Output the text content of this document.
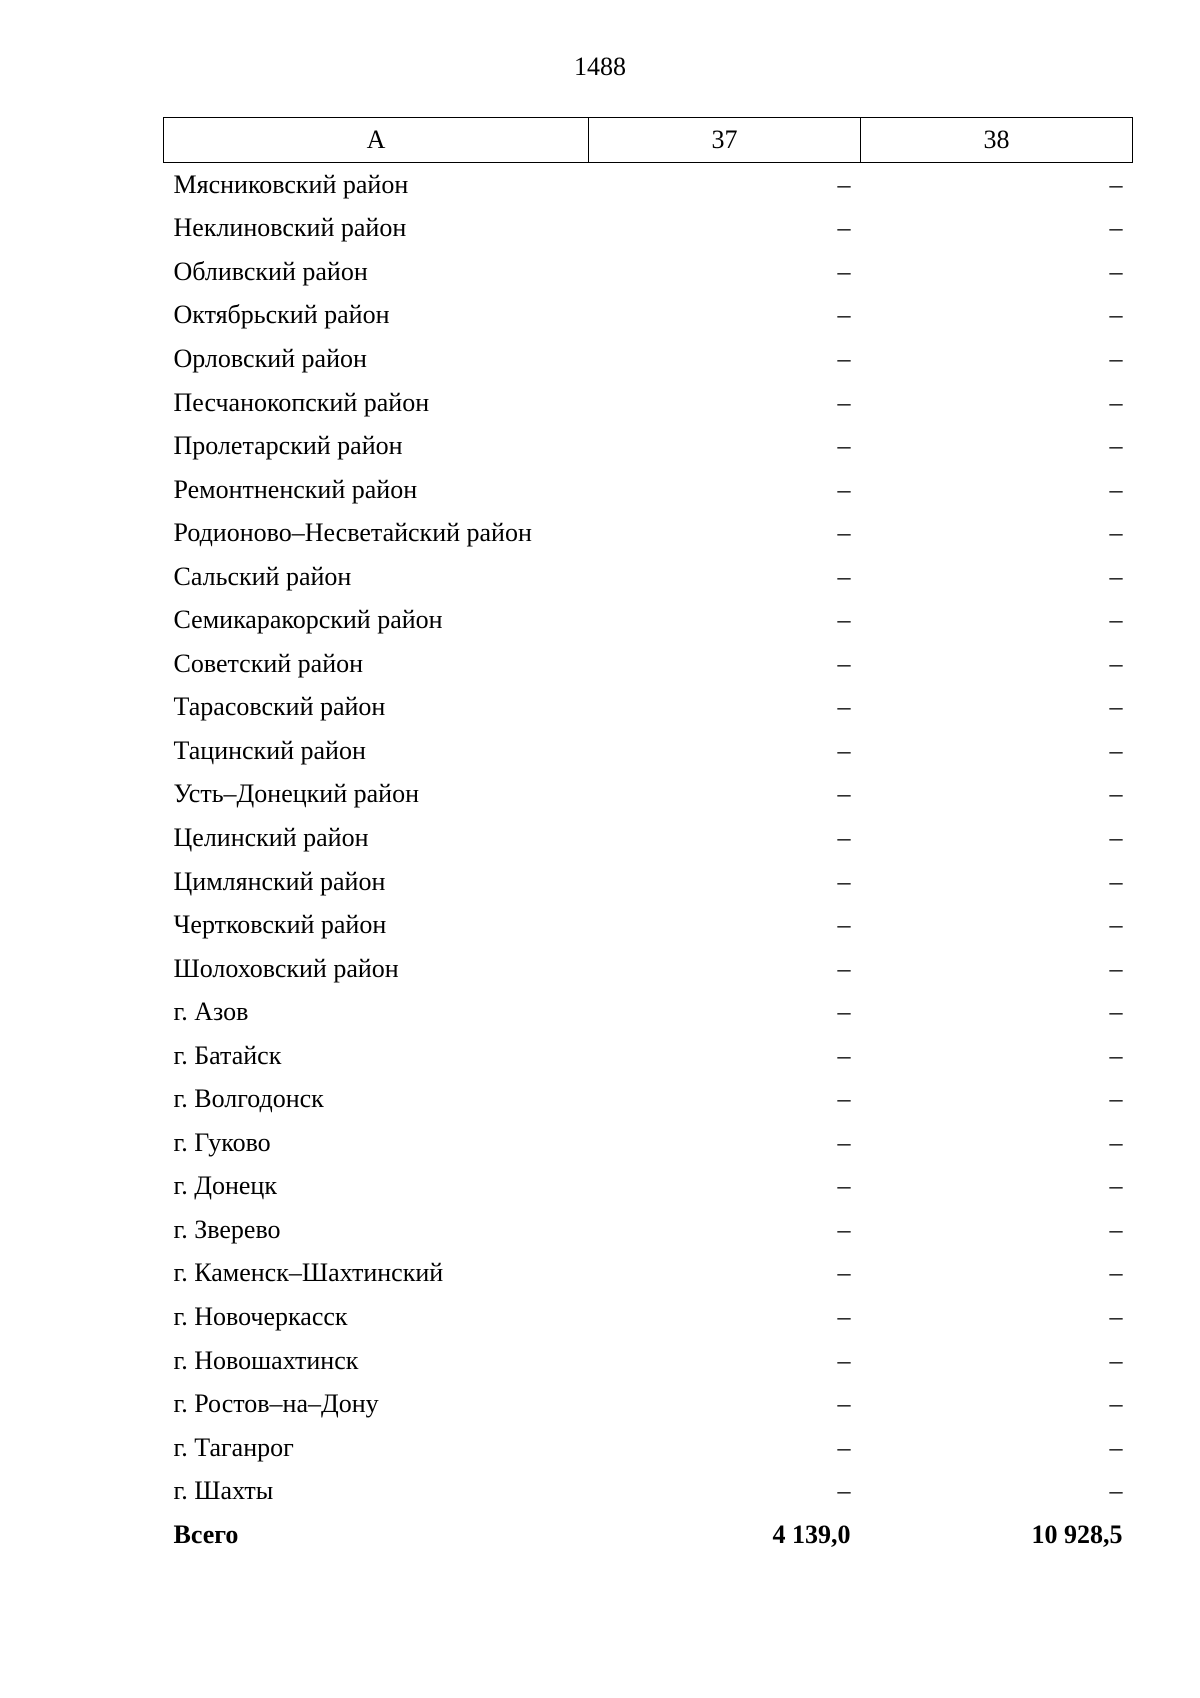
1488
А	37	38
Мясниковский район	–	–
Неклиновский район	–	–
Обливский район	–	–
Октябрьский район	–	–
Орловский район	–	–
Песчанокопский район	–	–
Пролетарский район	–	–
Ремонтненский район	–	–
Родионово–Несветайский район	–	–
Сальский район	–	–
Семикаракорский район	–	–
Советский район	–	–
Тарасовский район	–	–
Тацинский район	–	–
Усть–Донецкий район	–	–
Целинский район	–	–
Цимлянский район	–	–
Чертковский район	–	–
Шолоховский район	–	–
г. Азов	–	–
г. Батайск	–	–
г. Волгодонск	–	–
г. Гуково	–	–
г. Донецк	–	–
г. Зверево	–	–
г. Каменск–Шахтинский	–	–
г. Новочеркасск	–	–
г. Новошахтинск	–	–
г. Ростов–на–Дону	–	–
г. Таганрог	–	–
г. Шахты	–	–
Всего	4 139,0	10 928,5
